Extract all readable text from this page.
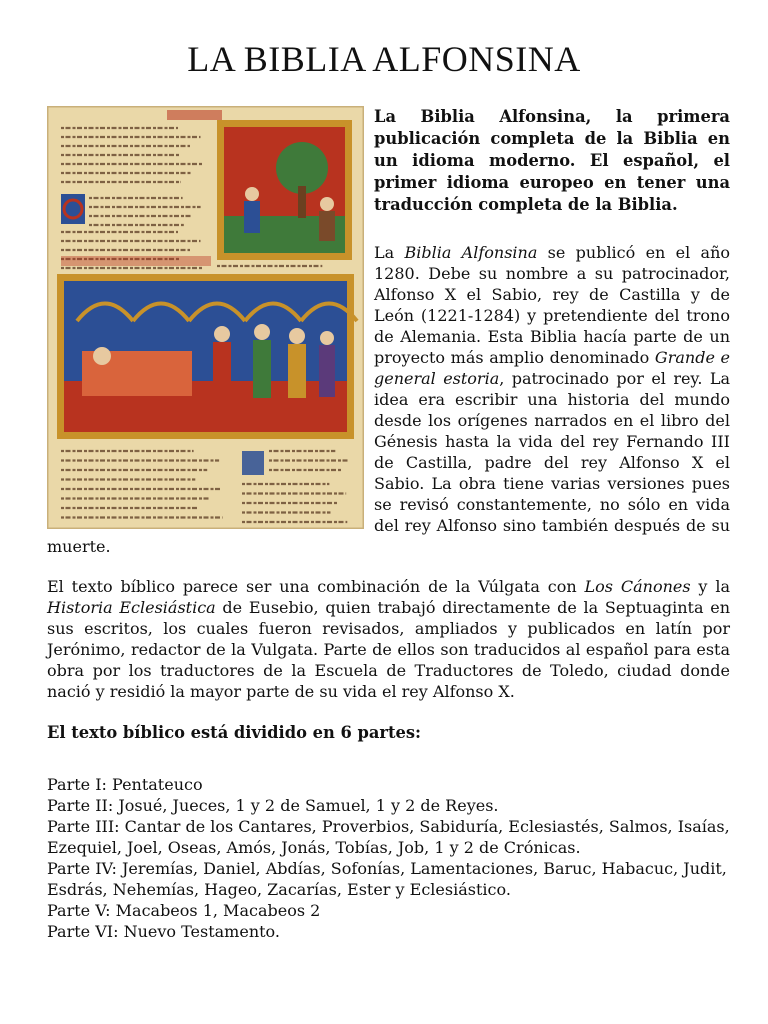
LA BIBLIA ALFONSINA

La Biblia Alfonsina, la primera publicación completa de la Biblia en un idioma moderno. El español, el primer idioma europeo en tener una traducción completa de la Biblia.

La Biblia Alfonsina se publicó en el año 1280. Debe su nombre a su patrocinador, Alfonso X el Sabio, rey de Castilla y de León (1221-1284) y pretendiente del trono de Alemania. Esta Biblia hacía parte de un proyecto más amplio denominado Grande e general estoria, patrocinado por el rey. La idea era escribir una historia del mundo desde los orígenes narrados en el libro del Génesis hasta la vida del rey Fernando III de Castilla, padre del rey Alfonso X el Sabio. La obra tiene varias versiones pues se revisó constantemente, no sólo en vida del rey Alfonso sino también después de su muerte.

El texto bíblico parece ser una combinación de la Vúlgata con Los Cánones y la Historia Eclesiástica de Eusebio, quien trabajó directamente de la Septuaginta en sus escritos, los cuales fueron revisados, ampliados y publicados en latín por Jerónimo, redactor de la Vulgata. Parte de ellos son traducidos al español para esta obra por los traductores de la Escuela de Traductores de Toledo, ciudad donde nació y residió la mayor parte de su vida el rey Alfonso X.

El texto bíblico está dividido en 6 partes:

Parte I: Pentateuco
Parte II: Josué, Jueces, 1 y 2 de Samuel, 1 y 2 de Reyes.
Parte III: Cantar de los Cantares, Proverbios, Sabiduría, Eclesiastés, Salmos, Isaías, Ezequiel, Joel, Oseas, Amós, Jonás, Tobías, Job, 1 y 2 de Crónicas.
Parte IV: Jeremías, Daniel, Abdías, Sofonías, Lamentaciones, Baruc, Habacuc, Judit, Esdrás, Nehemías, Hageo, Zacarías, Ester y Eclesiástico.
Parte V: Macabeos 1, Macabeos 2
Parte VI: Nuevo Testamento.
